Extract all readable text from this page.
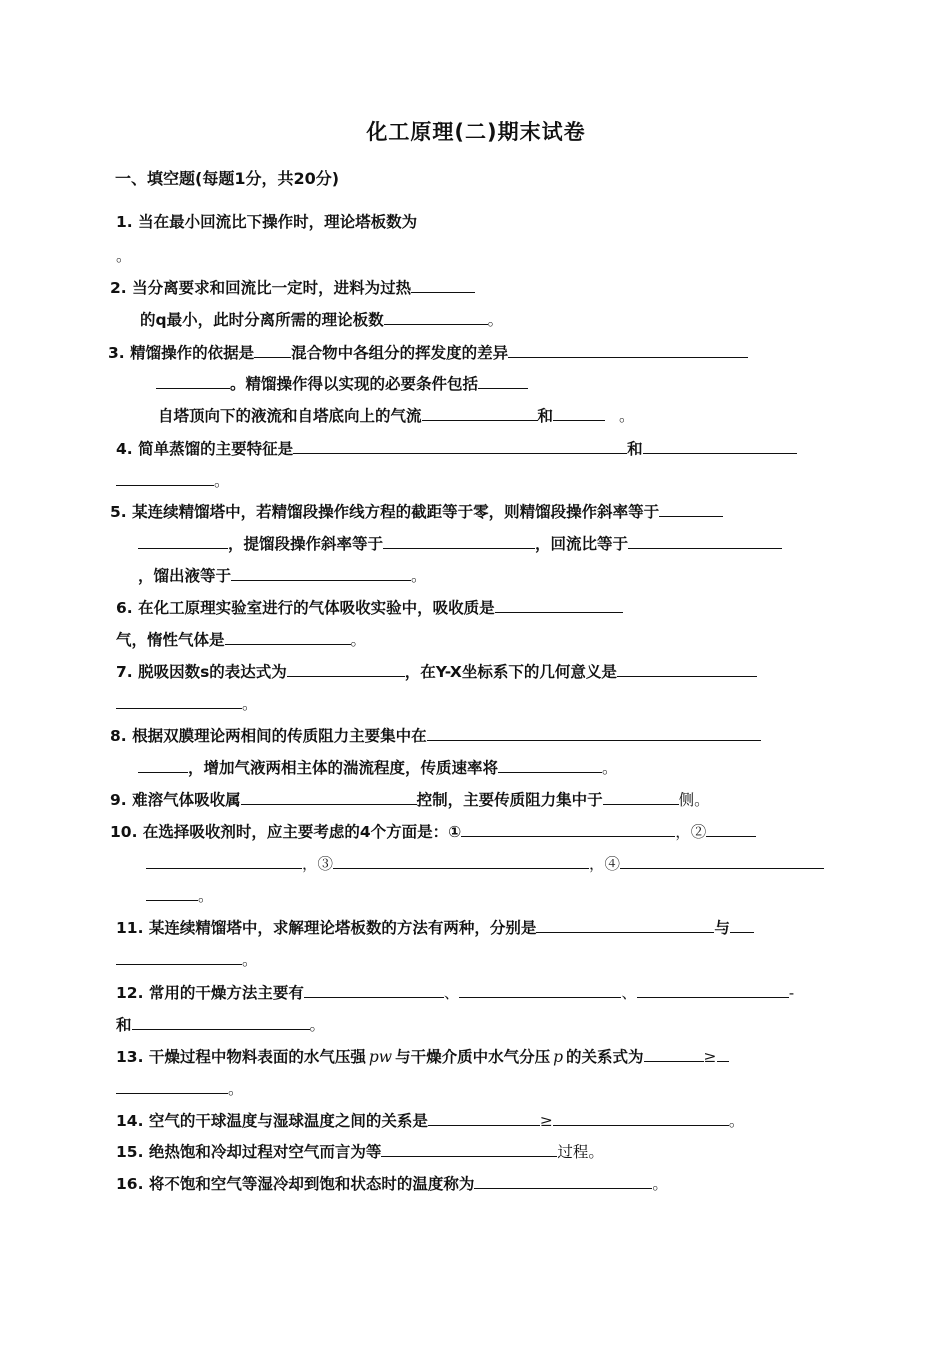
化工原理(二)期末试卷
一、填空题(每题1分，共20分)
1. 当在最小回流比下操作时，理论塔板数为
。
2. 当分离要求和回流比一定时，进料为过热
的q最小，此时分离所需的理论板数	。
3. 精馏操作的依据是 混合物中各组分的挥发度的差异
。精馏操作得以实现的必要条件包括
自塔顶向下的液流和自塔底向上的气流	和	。
4. 简单蒸馏的主要特征是	和
。
5. 某连续精馏塔中，若精馏段操作线方程的截距等于零，则精馏段操作斜率等于
，提馏段操作斜率等于	，回流比等于
，馏出液等于	。
6. 在化工原理实验室进行的气体吸收实验中，吸收质是
气，惰性气体是	。
7. 脱吸因数s的表达式为	，在Y-X坐标系下的几何意义是
。
8. 根据双膜理论两相间的传质阻力主要集中在
，增加气液两相主体的湍流程度，传质速率将	。
9. 难溶气体吸收属	控制，主要传质阻力集中于	侧。
10. 在选择吸收剂时，应主要考虑的4个方面是：①	，②
，③	，④
。
11. 某连续精馏塔中，求解理论塔板数的方法有两种，分别是	与
。
12. 常用的干燥方法主要有	、	、	-
和	。
13. 干燥过程中物料表面的水气压强 pw 与干燥介质中水气分压 p 的关系式为	≥
。
14. 空气的干球温度与湿球温度之间的关系是	≥	。
15. 绝热饱和冷却过程对空气而言为等	过程。
16. 将不饱和空气等湿冷却到饱和状态时的温度称为	。
